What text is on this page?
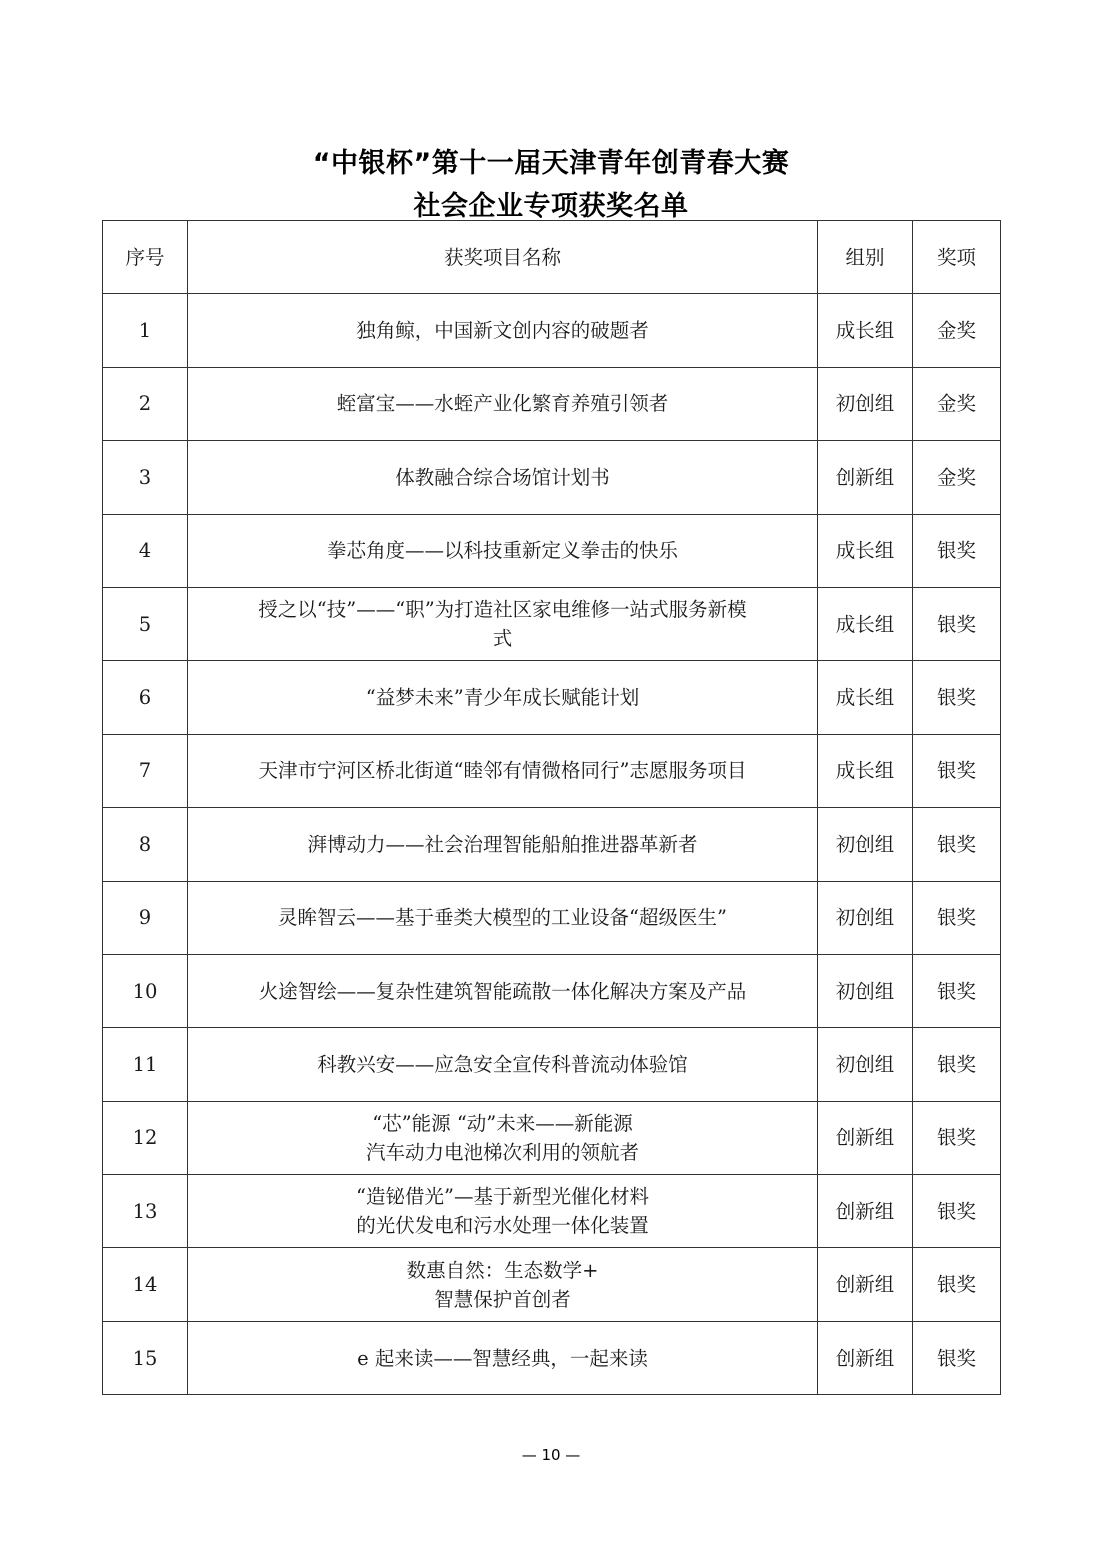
“中银杯”第十一届天津青年创青春大赛
社会企业专项获奖名单
序号	获奖项目名称	组别	奖项
1	独角鲸，中国新文创内容的破题者	成长组	金奖
2	蛭富宝——水蛭产业化繁育养殖引领者	初创组	金奖
3	体教融合综合场馆计划书	创新组	金奖
4	拳芯角度——以科技重新定义拳击的快乐	成长组	银奖
5	授之以“技”——“职”为打造社区家电维修一站式服务新模
式	成长组	银奖
6	“益梦未来”青少年成长赋能计划	成长组	银奖
7	天津市宁河区桥北街道“睦邻有情微格同行”志愿服务项目	成长组	银奖
8	湃博动力——社会治理智能船舶推进器革新者	初创组	银奖
9	灵眸智云——基于垂类大模型的工业设备“超级医生”	初创组	银奖
10	火途智绘——复杂性建筑智能疏散一体化解决方案及产品	初创组	银奖
11	科教兴安——应急安全宣传科普流动体验馆	初创组	银奖
12	“芯”能源 “动”未来——新能源
汽车动力电池梯次利用的领航者	创新组	银奖
13	“造铋借光”—基于新型光催化材料
的光伏发电和污水处理一体化装置	创新组	银奖
14	数惠自然：生态数学+
智慧保护首创者	创新组	银奖
15	e 起来读——智慧经典，一起来读	创新组	银奖
— 10 —
